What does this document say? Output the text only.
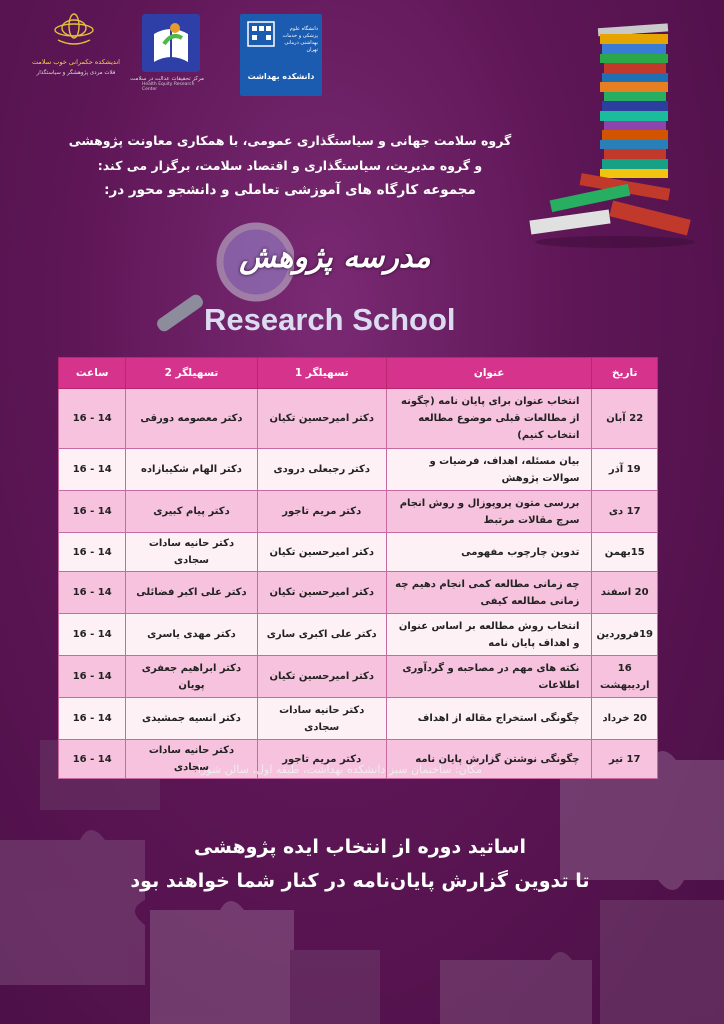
اندیشکده حکمرانی خوب سلامت
فلات مردی پژوهشگر و سیاستگذار
مرکز تحقیقات عدالت در سلامت
Health Equity Research Center
دانشگاه علوم پزشکی و خدمات بهداشتی درمانی تهران
دانشکده بهداشت
گروه سلامت جهانی و سیاستگذاری عمومی، با همکاری معاونت پژوهشی
و گروه مدیریت، سیاستگذاری و اقتصاد سلامت، برگزار می کند:
مجموعه کارگاه های آموزشی تعاملی و دانشجو محور در:
مدرسه پژوهش
Research School
تاریخ	عنوان	تسهیلگر 1	تسهیلگر 2	ساعت
22 آبان	انتخاب عنوان برای پایان نامه (چگونه از مطالعات قبلی موضوع مطالعه انتخاب کنیم)	دکتر امیرحسین تکیان	دکتر معصومه دورقی	14 - 16
19 آذر	بیان مسئله، اهداف، فرضیات و سوالات پژوهش	دکتر رجبعلی درودی	دکتر الهام شکیبازاده	14 - 16
17 دی	بررسی متون پروپوزال و روش انجام سرچ مقالات مرتبط	دکتر مریم تاجور	دکتر پیام کبیری	14 - 16
15بهمن	تدوین چارچوب مفهومی	دکتر امیرحسین تکیان	دکتر حانیه سادات سجادی	14 - 16
20 اسفند	چه زمانی مطالعه کمی انجام دهیم چه زمانی مطالعه کیفی	دکتر امیرحسین تکیان	دکتر علی اکبر فضائلی	14 - 16
19فروردین	انتخاب روش مطالعه بر اساس عنوان و اهداف پایان نامه	دکتر علی اکبری ساری	دکتر مهدی یاسری	14 - 16
16 اردیبهشت	نکته های مهم در مصاحبه و گردآوری اطلاعات	دکتر امیرحسین تکیان	دکتر ابراهیم جعفری پویان	14 - 16
20 خرداد	چگونگی استخراج مقاله از اهداف	دکتر حانیه سادات سجادی	دکتر انسیه جمشیدی	14 - 16
17 تیر	چگونگی نوشتن گزارش پایان نامه	دکتر مریم تاجور	دکتر حانیه سادات سجادی	14 - 16
مکان: ساختمان سبز دانشکده بهداشت، طبقه اول، سالن شورا
اساتید دوره از انتخاب ایده پژوهشی
تا تدوین گزارش پایان‌نامه در کنار شما خواهند بود
